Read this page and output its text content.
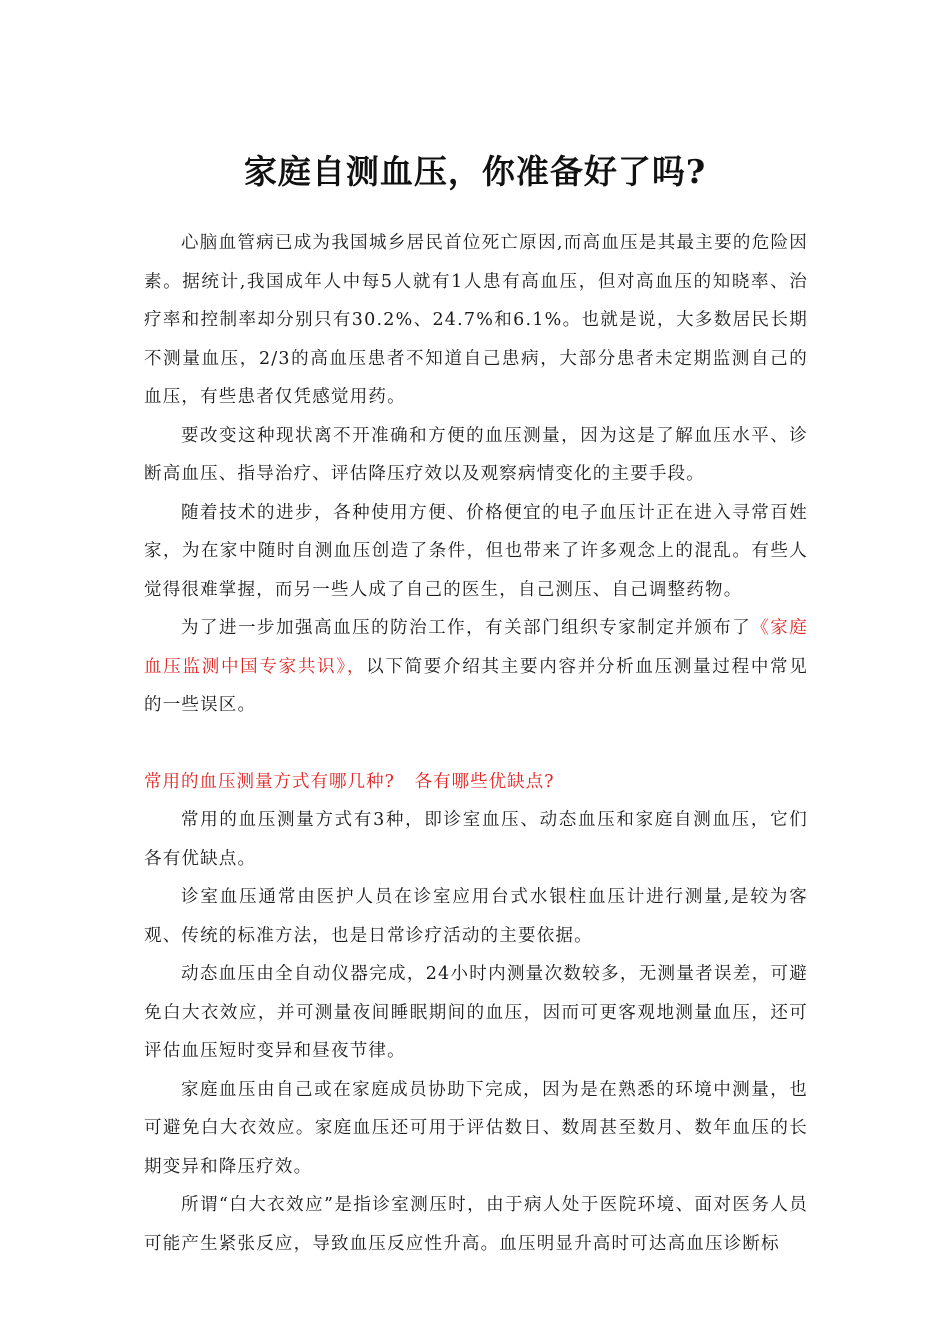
家庭自测血压，你准备好了吗?

心脑血管病已成为我国城乡居民首位死亡原因,而高血压是其最主要的危险因素。据统计,我国成年人中每5人就有1人患有高血压，但对高血压的知晓率、治疗率和控制率却分别只有30.2%、24.7%和6.1%。也就是说，大多数居民长期不测量血压，2/3的高血压患者不知道自己患病，大部分患者未定期监测自己的血压，有些患者仅凭感觉用药。

要改变这种现状离不开准确和方便的血压测量，因为这是了解血压水平、诊断高血压、指导治疗、评估降压疗效以及观察病情变化的主要手段。

随着技术的进步，各种使用方便、价格便宜的电子血压计正在进入寻常百姓家，为在家中随时自测血压创造了条件，但也带来了许多观念上的混乱。有些人觉得很难掌握，而另一些人成了自己的医生，自己测压、自己调整药物。

为了进一步加强高血压的防治工作，有关部门组织专家制定并颁布了《家庭血压监测中国专家共识》，以下简要介绍其主要内容并分析血压测量过程中常见的一些误区。

常用的血压测量方式有哪几种? 各有哪些优缺点?

常用的血压测量方式有3种，即诊室血压、动态血压和家庭自测血压，它们各有优缺点。

诊室血压通常由医护人员在诊室应用台式水银柱血压计进行测量,是较为客观、传统的标准方法，也是日常诊疗活动的主要依据。

动态血压由全自动仪器完成，24小时内测量次数较多，无测量者误差，可避免白大衣效应，并可测量夜间睡眠期间的血压，因而可更客观地测量血压，还可评估血压短时变异和昼夜节律。

家庭血压由自己或在家庭成员协助下完成，因为是在熟悉的环境中测量，也可避免白大衣效应。家庭血压还可用于评估数日、数周甚至数月、数年血压的长期变异和降压疗效。

所谓“白大衣效应”是指诊室测压时，由于病人处于医院环境、面对医务人员可能产生紧张反应，导致血压反应性升高。血压明显升高时可达高血压诊断标
